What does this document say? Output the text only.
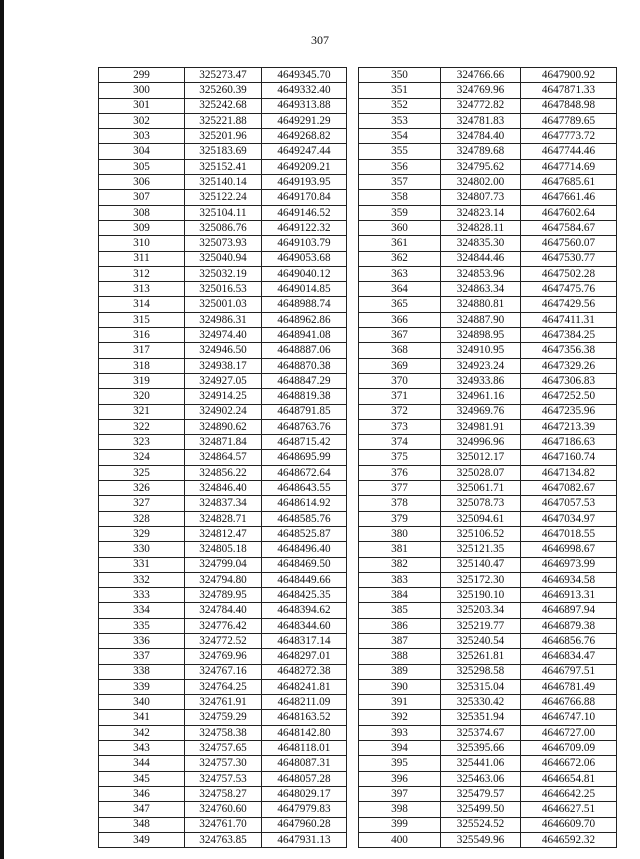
307
299	325273.47	4649345.70
300	325260.39	4649332.40
301	325242.68	4649313.88
302	325221.88	4649291.29
303	325201.96	4649268.82
304	325183.69	4649247.44
305	325152.41	4649209.21
306	325140.14	4649193.95
307	325122.24	4649170.84
308	325104.11	4649146.52
309	325086.76	4649122.32
310	325073.93	4649103.79
311	325040.94	4649053.68
312	325032.19	4649040.12
313	325016.53	4649014.85
314	325001.03	4648988.74
315	324986.31	4648962.86
316	324974.40	4648941.08
317	324946.50	4648887.06
318	324938.17	4648870.38
319	324927.05	4648847.29
320	324914.25	4648819.38
321	324902.24	4648791.85
322	324890.62	4648763.76
323	324871.84	4648715.42
324	324864.57	4648695.99
325	324856.22	4648672.64
326	324846.40	4648643.55
327	324837.34	4648614.92
328	324828.71	4648585.76
329	324812.47	4648525.87
330	324805.18	4648496.40
331	324799.04	4648469.50
332	324794.80	4648449.66
333	324789.95	4648425.35
334	324784.40	4648394.62
335	324776.42	4648344.60
336	324772.52	4648317.14
337	324769.96	4648297.01
338	324767.16	4648272.38
339	324764.25	4648241.81
340	324761.91	4648211.09
341	324759.29	4648163.52
342	324758.38	4648142.80
343	324757.65	4648118.01
344	324757.30	4648087.31
345	324757.53	4648057.28
346	324758.27	4648029.17
347	324760.60	4647979.83
348	324761.70	4647960.28
349	324763.85	4647931.13
350	324766.66	4647900.92
351	324769.96	4647871.33
352	324772.82	4647848.98
353	324781.83	4647789.65
354	324784.40	4647773.72
355	324789.68	4647744.46
356	324795.62	4647714.69
357	324802.00	4647685.61
358	324807.73	4647661.46
359	324823.14	4647602.64
360	324828.11	4647584.67
361	324835.30	4647560.07
362	324844.46	4647530.77
363	324853.96	4647502.28
364	324863.34	4647475.76
365	324880.81	4647429.56
366	324887.90	4647411.31
367	324898.95	4647384.25
368	324910.95	4647356.38
369	324923.24	4647329.26
370	324933.86	4647306.83
371	324961.16	4647252.50
372	324969.76	4647235.96
373	324981.91	4647213.39
374	324996.96	4647186.63
375	325012.17	4647160.74
376	325028.07	4647134.82
377	325061.71	4647082.67
378	325078.73	4647057.53
379	325094.61	4647034.97
380	325106.52	4647018.55
381	325121.35	4646998.67
382	325140.47	4646973.99
383	325172.30	4646934.58
384	325190.10	4646913.31
385	325203.34	4646897.94
386	325219.77	4646879.38
387	325240.54	4646856.76
388	325261.81	4646834.47
389	325298.58	4646797.51
390	325315.04	4646781.49
391	325330.42	4646766.88
392	325351.94	4646747.10
393	325374.67	4646727.00
394	325395.66	4646709.09
395	325441.06	4646672.06
396	325463.06	4646654.81
397	325479.57	4646642.25
398	325499.50	4646627.51
399	325524.52	4646609.70
400	325549.96	4646592.32
